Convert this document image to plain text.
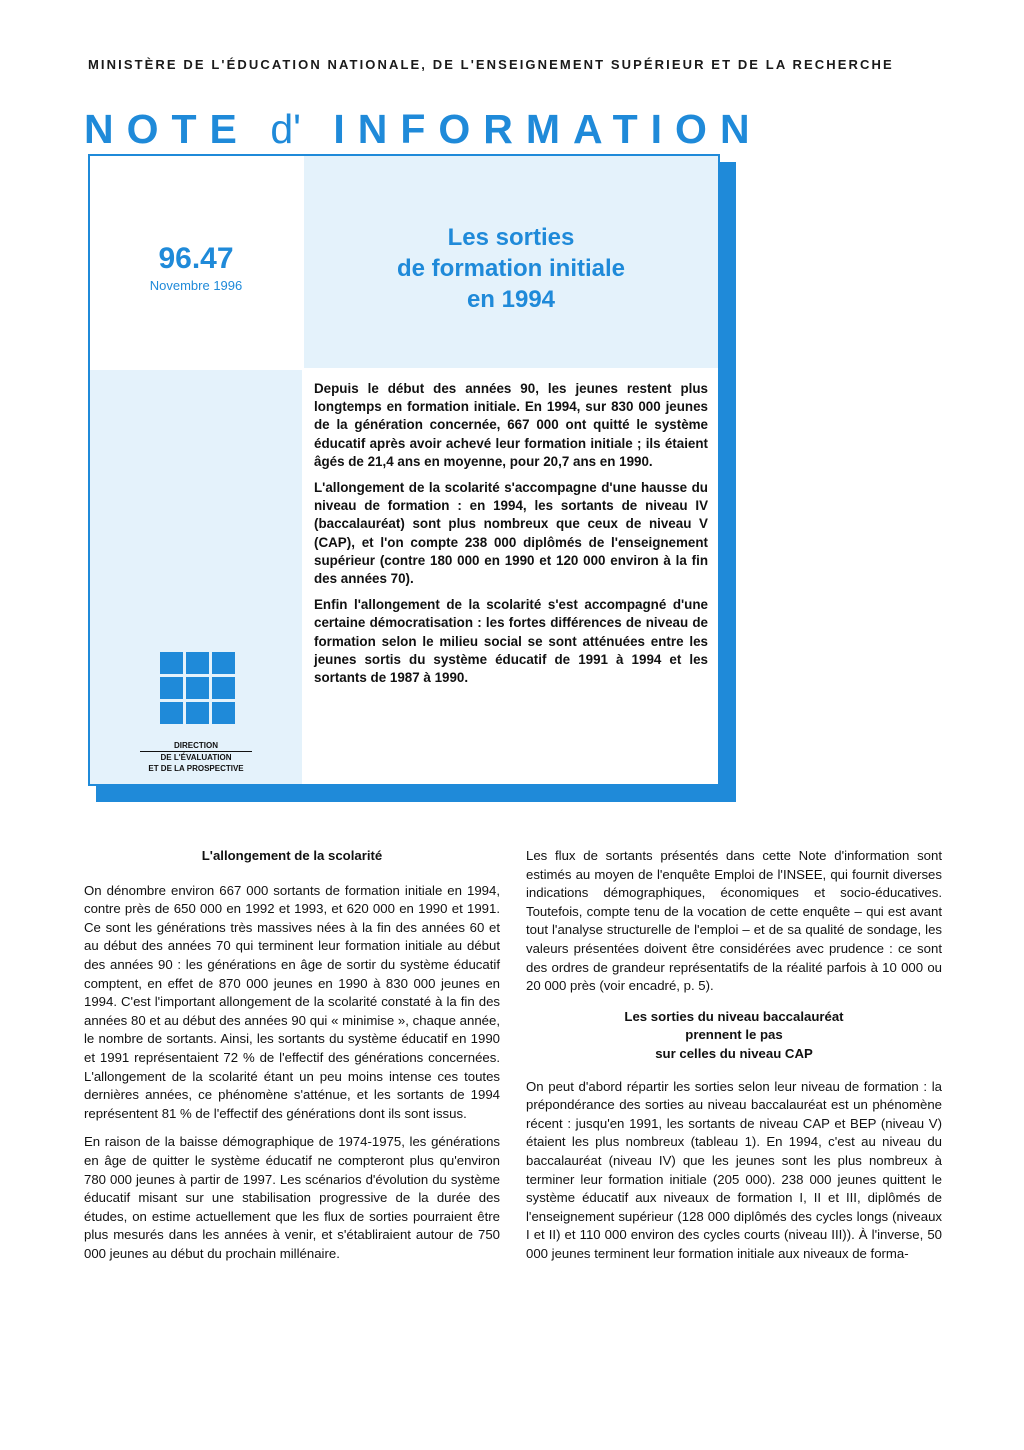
MINISTÈRE DE L'ÉDUCATION NATIONALE, DE L'ENSEIGNEMENT SUPÉRIEUR ET DE LA RECHERCHE
NOTE d' INFORMATION
96.47
Novembre 1996
Les sorties
de formation initiale
en 1994
DIRECTION
DE L'ÉVALUATION
ET DE LA PROSPECTIVE

Depuis le début des années 90, les jeunes restent plus longtemps en formation initiale. En 1994, sur 830 000 jeunes de la génération concernée, 667 000 ont quitté le système éducatif après avoir achevé leur formation initiale ; ils étaient âgés de 21,4 ans en moyenne, pour 20,7 ans en 1990.

L'allongement de la scolarité s'accompagne d'une hausse du niveau de formation : en 1994, les sortants de niveau IV (baccalauréat) sont plus nombreux que ceux de niveau V (CAP), et l'on compte 238 000 diplômés de l'enseignement supérieur (contre 180 000 en 1990 et 120 000 environ à la fin des années 70).

Enfin l'allongement de la scolarité s'est accompagné d'une certaine démocratisation : les fortes différences de niveau de formation selon le milieu social se sont atténuées entre les jeunes sortis du système éducatif de 1991 à 1994 et les sortants de 1987 à 1990.

L'allongement de la scolarité

On dénombre environ 667 000 sortants de formation initiale en 1994, contre près de 650 000 en 1992 et 1993, et 620 000 en 1990 et 1991. Ce sont les générations très massives nées à la fin des années 60 et au début des années 70 qui terminent leur formation initiale au début des années 90 : les générations en âge de sortir du système éducatif comptent, en effet de 870 000 jeunes en 1990 à 830 000 jeunes en 1994. C'est l'important allongement de la scolarité constaté à la fin des années 80 et au début des années 90 qui « minimise », chaque année, le nombre de sortants. Ainsi, les sortants du système éducatif en 1990 et 1991 représentaient 72 % de l'effectif des générations concernées. L'allongement de la scolarité étant un peu moins intense ces toutes dernières années, ce phénomène s'atténue, et les sortants de 1994 représentent 81 % de l'effectif des générations dont ils sont issus.

En raison de la baisse démographique de 1974-1975, les générations en âge de quitter le système éducatif ne compteront plus qu'environ 780 000 jeunes à partir de 1997. Les scénarios d'évolution du système éducatif misant sur une stabilisation progressive de la durée des études, on estime actuellement que les flux de sorties pourraient être plus mesurés dans les années à venir, et s'établiraient autour de 750 000 jeunes au début du prochain millénaire.

Les flux de sortants présentés dans cette Note d'information sont estimés au moyen de l'enquête Emploi de l'INSEE, qui fournit diverses indications démographiques, économiques et socio-éducatives. Toutefois, compte tenu de la vocation de cette enquête – qui est avant tout l'analyse structurelle de l'emploi – et de sa qualité de sondage, les valeurs présentées doivent être considérées avec prudence : ce sont des ordres de grandeur représentatifs de la réalité parfois à 10 000 ou 20 000 près (voir encadré, p. 5).

Les sorties du niveau baccalauréat
prennent le pas
sur celles du niveau CAP

On peut d'abord répartir les sorties selon leur niveau de formation : la prépondérance des sorties au niveau baccalauréat est un phénomène récent : jusqu'en 1991, les sortants de niveau CAP et BEP (niveau V) étaient les plus nombreux (tableau 1). En 1994, c'est au niveau du baccalauréat (niveau IV) que les jeunes sont les plus nombreux à terminer leur formation initiale (205 000). 238 000 jeunes quittent le système éducatif aux niveaux de formation I, II et III, diplômés de l'enseignement supérieur (128 000 diplômés des cycles longs (niveaux I et II) et 110 000 environ des cycles courts (niveau III)). À l'inverse, 50 000 jeunes terminent leur formation initiale aux niveaux de forma-
